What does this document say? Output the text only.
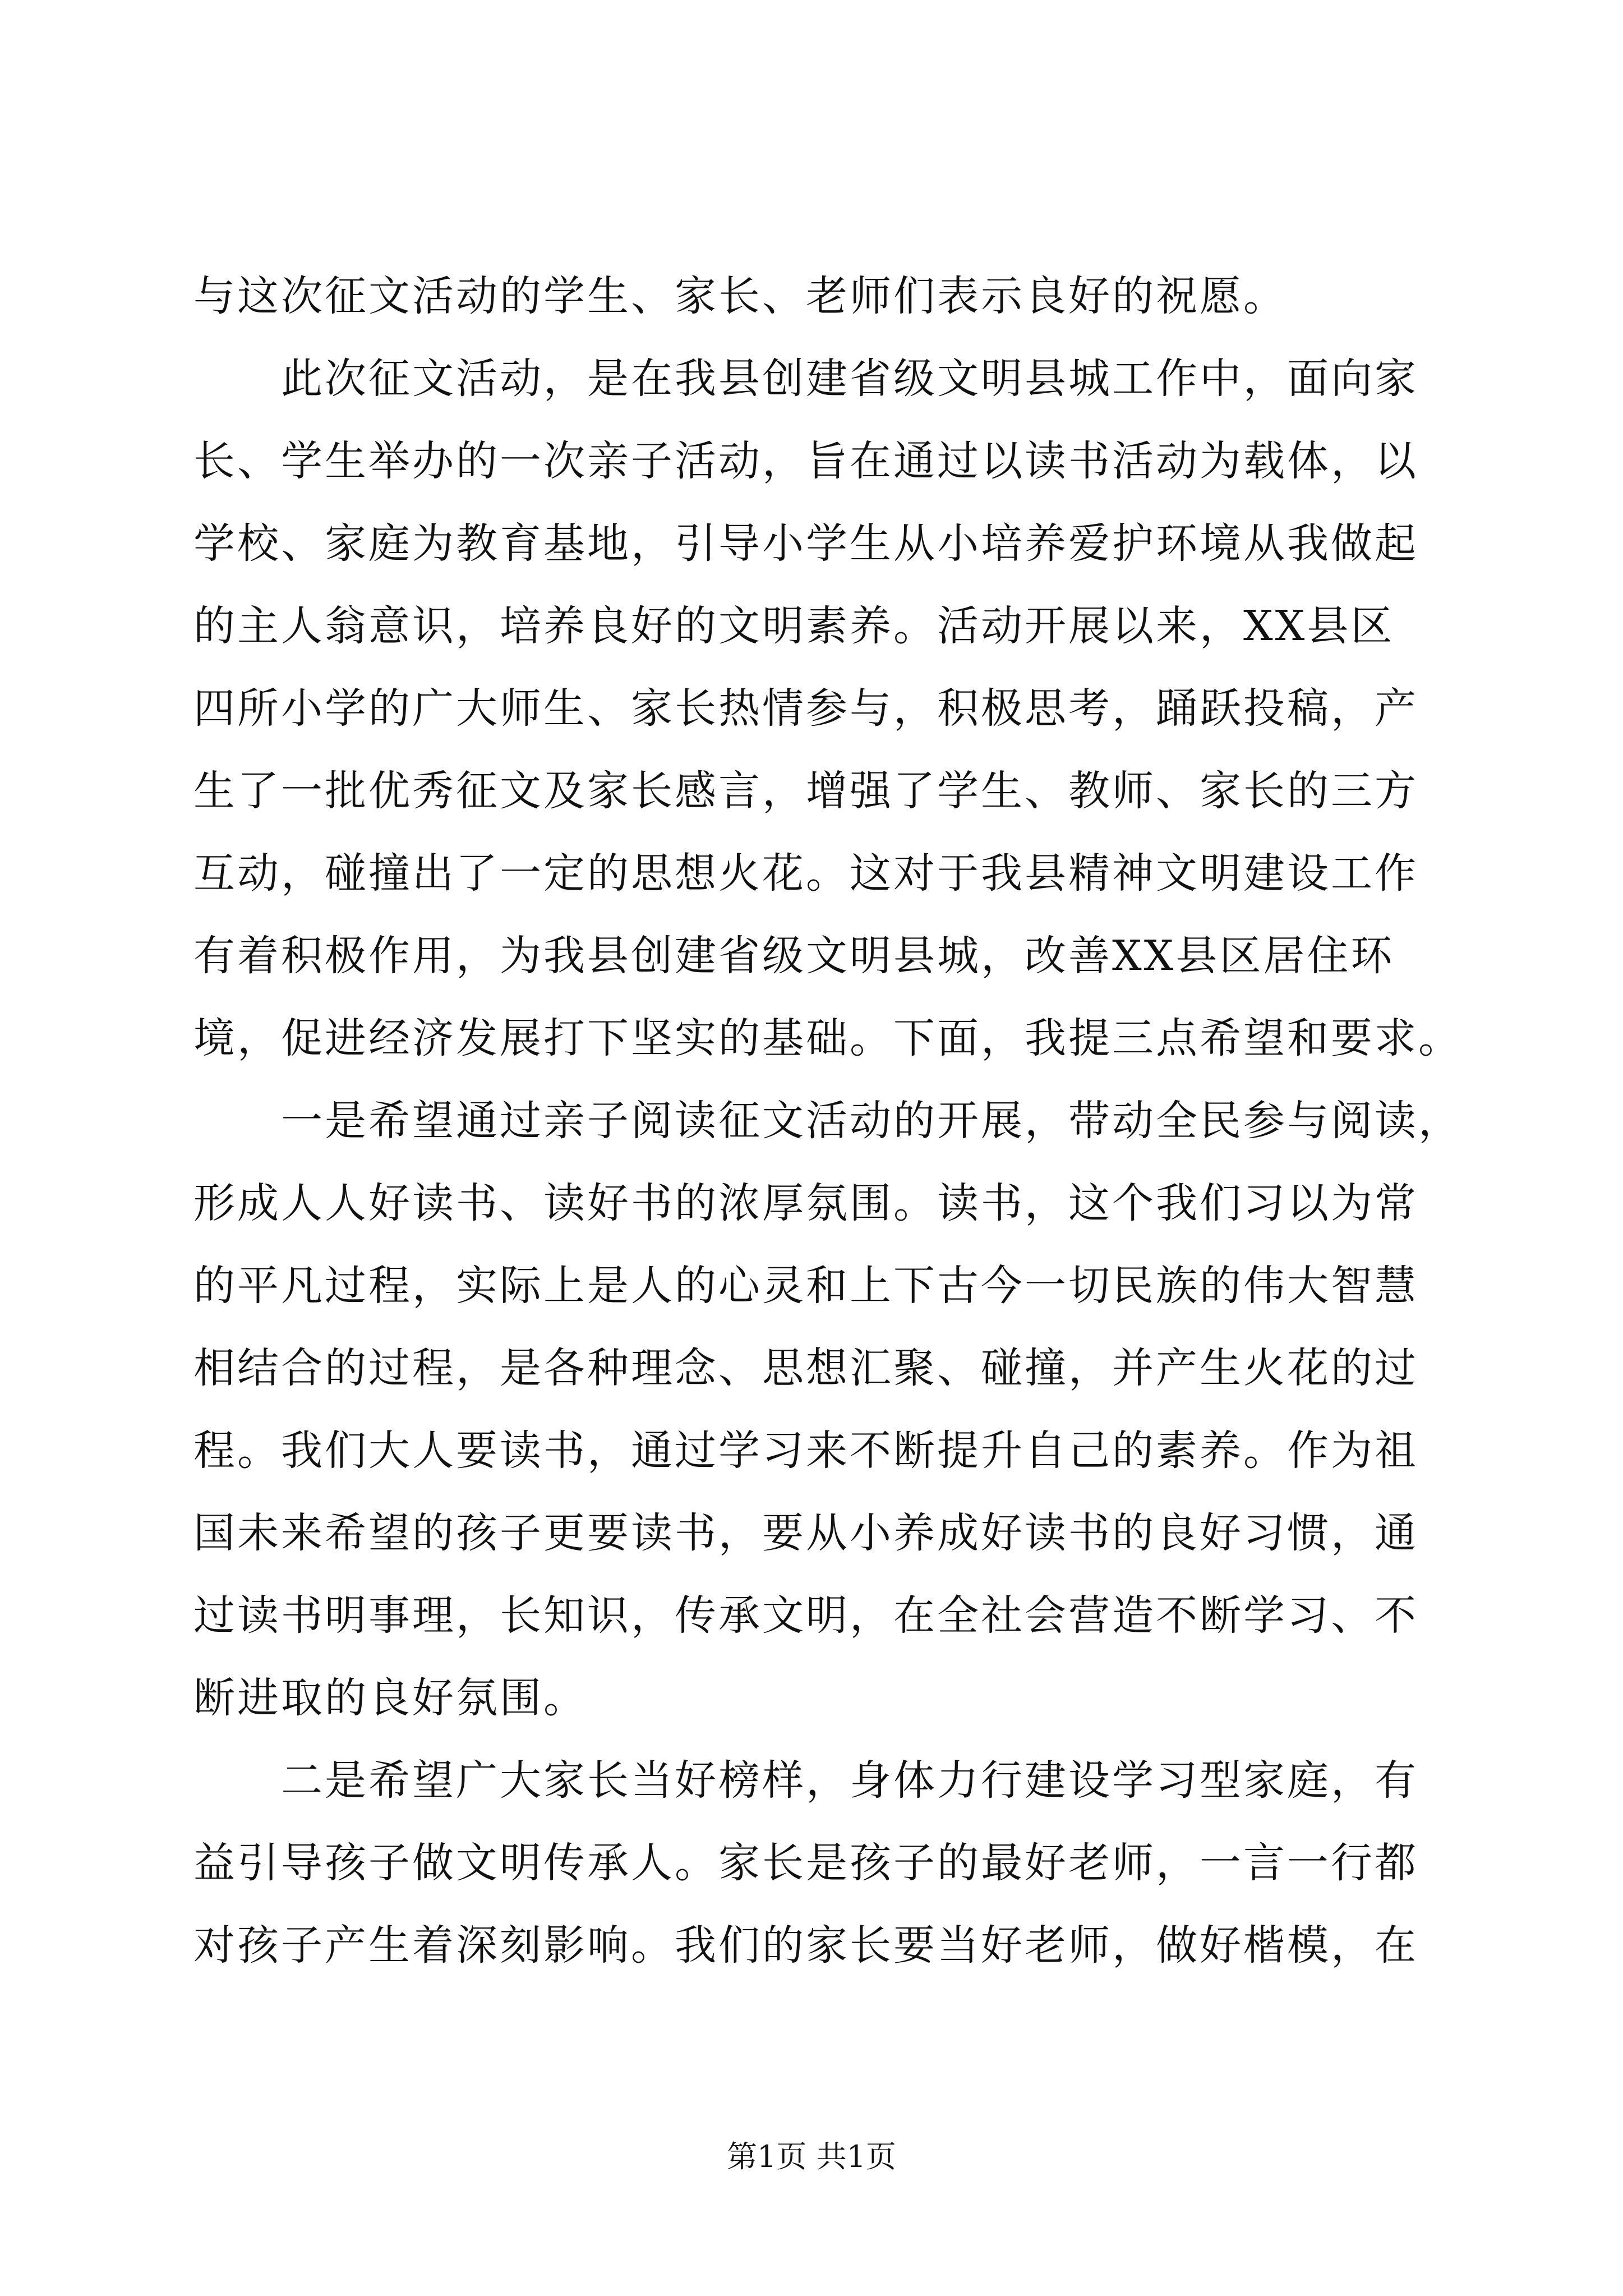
与这次征文活动的学生、家长、老师们表示良好的祝愿。
　　此次征文活动，是在我县创建省级文明县城工作中，面向家
长、学生举办的一次亲子活动，旨在通过以读书活动为载体，以
学校、家庭为教育基地，引导小学生从小培养爱护环境从我做起
的主人翁意识，培养良好的文明素养。活动开展以来，XX县区
四所小学的广大师生、家长热情参与，积极思考，踊跃投稿，产
生了一批优秀征文及家长感言，增强了学生、教师、家长的三方
互动，碰撞出了一定的思想火花。这对于我县精神文明建设工作
有着积极作用，为我县创建省级文明县城，改善XX县区居住环
境，促进经济发展打下坚实的基础。下面，我提三点希望和要求。
　　一是希望通过亲子阅读征文活动的开展，带动全民参与阅读，
形成人人好读书、读好书的浓厚氛围。读书，这个我们习以为常
的平凡过程，实际上是人的心灵和上下古今一切民族的伟大智慧
相结合的过程，是各种理念、思想汇聚、碰撞，并产生火花的过
程。我们大人要读书，通过学习来不断提升自己的素养。作为祖
国未来希望的孩子更要读书，要从小养成好读书的良好习惯，通
过读书明事理，长知识，传承文明，在全社会营造不断学习、不
断进取的良好氛围。
　　二是希望广大家长当好榜样，身体力行建设学习型家庭，有
益引导孩子做文明传承人。家长是孩子的最好老师，一言一行都
对孩子产生着深刻影响。我们的家长要当好老师，做好楷模，在
第1页 共1页
